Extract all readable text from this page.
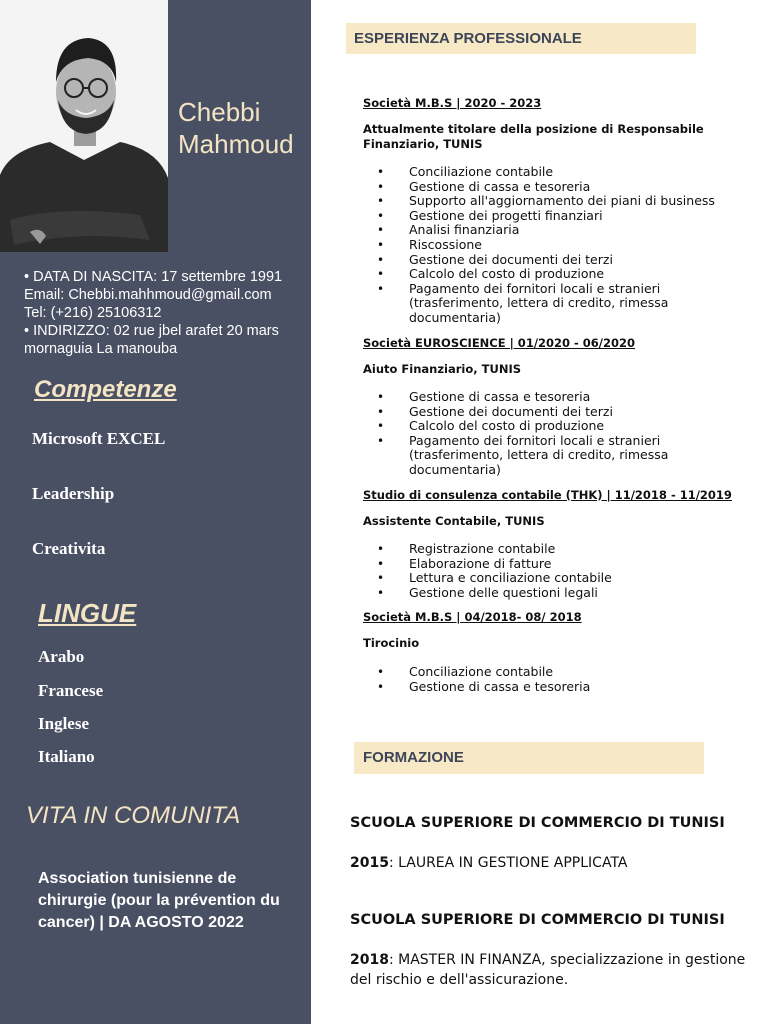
Chebbi
Mahmoud
• DATA DI NASCITA: 17 settembre 1991
Email: Chebbi.mahhmoud@gmail.com
Tel: (+216) 25106312
• INDIRIZZO: 02 rue jbel arafet 20 mars mornaguia La manouba
Competenze
Microsoft EXCEL
Leadership
Creativita
LINGUE
Arabo
Francese
Inglese
Italiano
VITA IN COMUNITA
Association tunisienne de chirurgie (pour la prévention du cancer) | DA AGOSTO 2022
ESPERIENZA PROFESSIONALE
Società M.B.S | 2020 - 2023
Attualmente titolare della posizione di Responsabile Finanziario, TUNIS
• Conciliazione contabile
• Gestione di cassa e tesoreria
• Supporto all'aggiornamento dei piani di business
• Gestione dei progetti finanziari
• Analisi finanziaria
• Riscossione
• Gestione dei documenti dei terzi
• Calcolo del costo di produzione
• Pagamento dei fornitori locali e stranieri (trasferimento, lettera di credito, rimessa documentaria)
Società EUROSCIENCE | 01/2020 - 06/2020
Aiuto Finanziario, TUNIS
• Gestione di cassa e tesoreria
• Gestione dei documenti dei terzi
• Calcolo del costo di produzione
• Pagamento dei fornitori locali e stranieri (trasferimento, lettera di credito, rimessa documentaria)
Studio di consulenza contabile (THK) | 11/2018 - 11/2019
Assistente Contabile, TUNIS
• Registrazione contabile
• Elaborazione di fatture
• Lettura e conciliazione contabile
• Gestione delle questioni legali
Società M.B.S | 04/2018- 08/ 2018
Tirocinio
• Conciliazione contabile
• Gestione di cassa e tesoreria
FORMAZIONE
SCUOLA SUPERIORE DI COMMERCIO DI TUNISI
2015: LAUREA IN GESTIONE APPLICATA
SCUOLA SUPERIORE DI COMMERCIO DI TUNISI
2018: MASTER IN FINANZA, specializzazione in gestione del rischio e dell'assicurazione.
